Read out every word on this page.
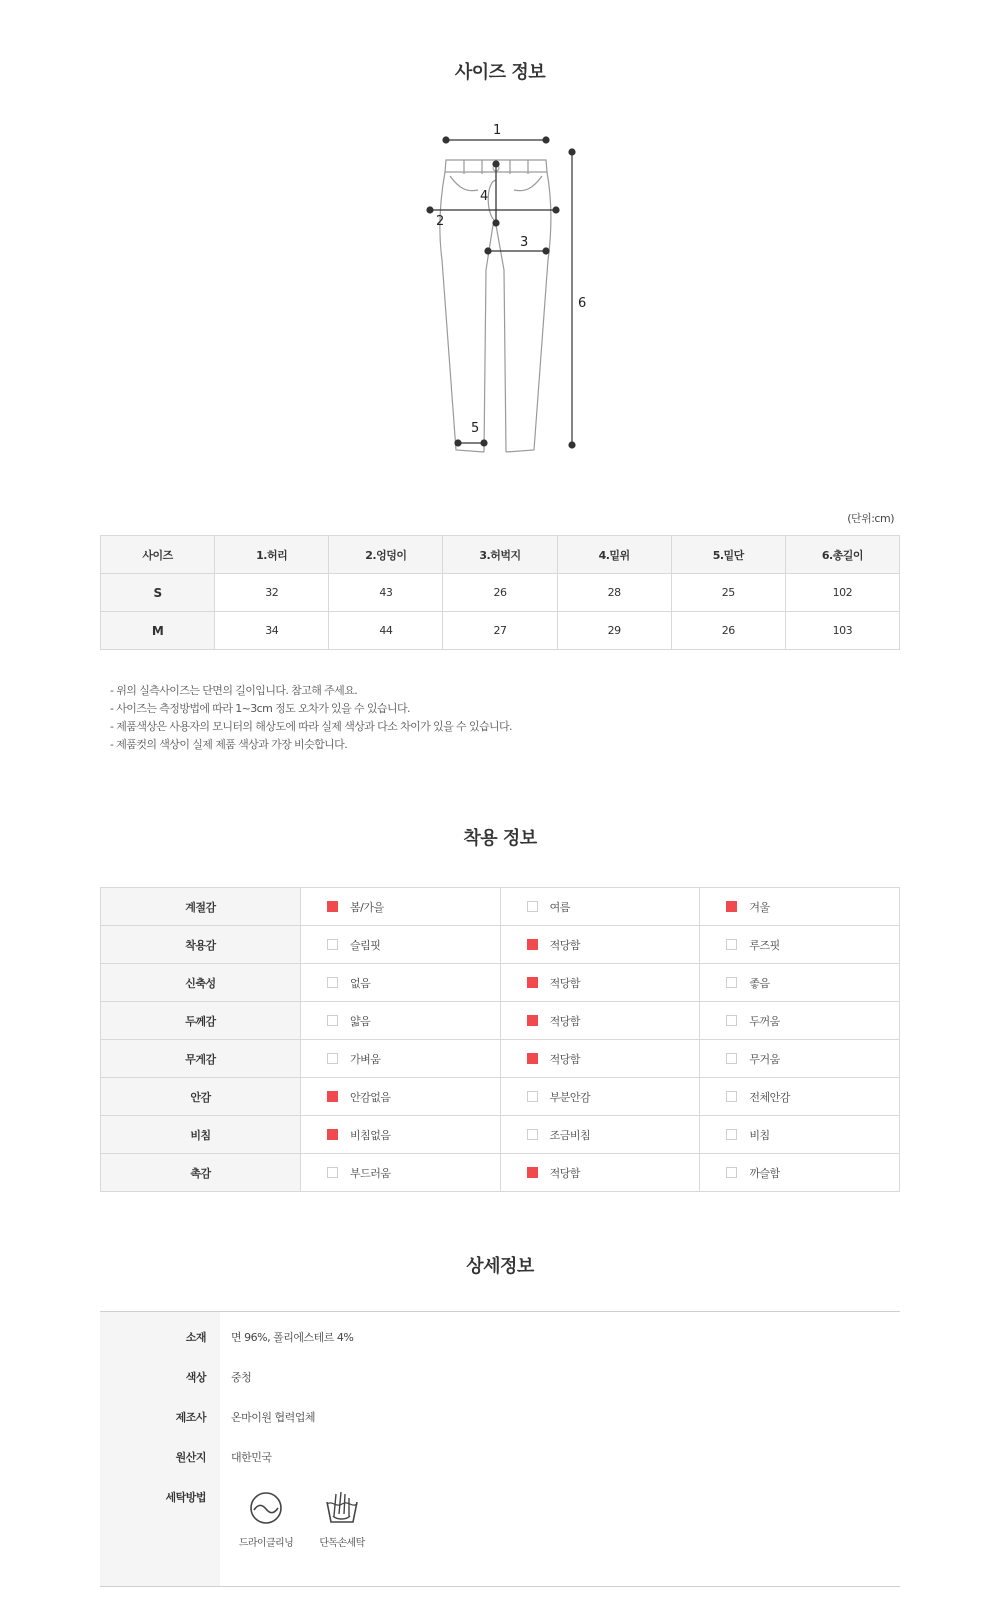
사이즈 정보
1
2
3
4
5
6
(단위:cm)
사이즈	1.허리	2.엉덩이	3.허벅지	4.밑위	5.밑단	6.총길이
S	32	43	26	28	25	102
M	34	44	27	29	26	103
- 위의 실측사이즈는 단면의 길이입니다. 참고해 주세요.
- 사이즈는 측정방법에 따라 1~3cm 정도 오차가 있을 수 있습니다.
- 제품색상은 사용자의 모니터의 해상도에 따라 실제 색상과 다소 차이가 있을 수 있습니다.
- 제품컷의 색상이 실제 제품 색상과 가장 비슷합니다.
착용 정보
계절감	봄/가을	여름	겨울
착용감	슬림핏	적당함	루즈핏
신축성	없음	적당함	좋음
두께감	얇음	적당함	두꺼움
무게감	가벼움	적당함	무거움
안감	안감없음	부분안감	전체안감
비침	비침없음	조금비침	비침
촉감	부드러움	적당함	까슬함
상세정보
소재 면 96%, 폴리에스테르 4%
색상 중청
제조사 온마이원 협력업체
원산지 대한민국
세탁방법
드라이클리닝	단독손세탁
